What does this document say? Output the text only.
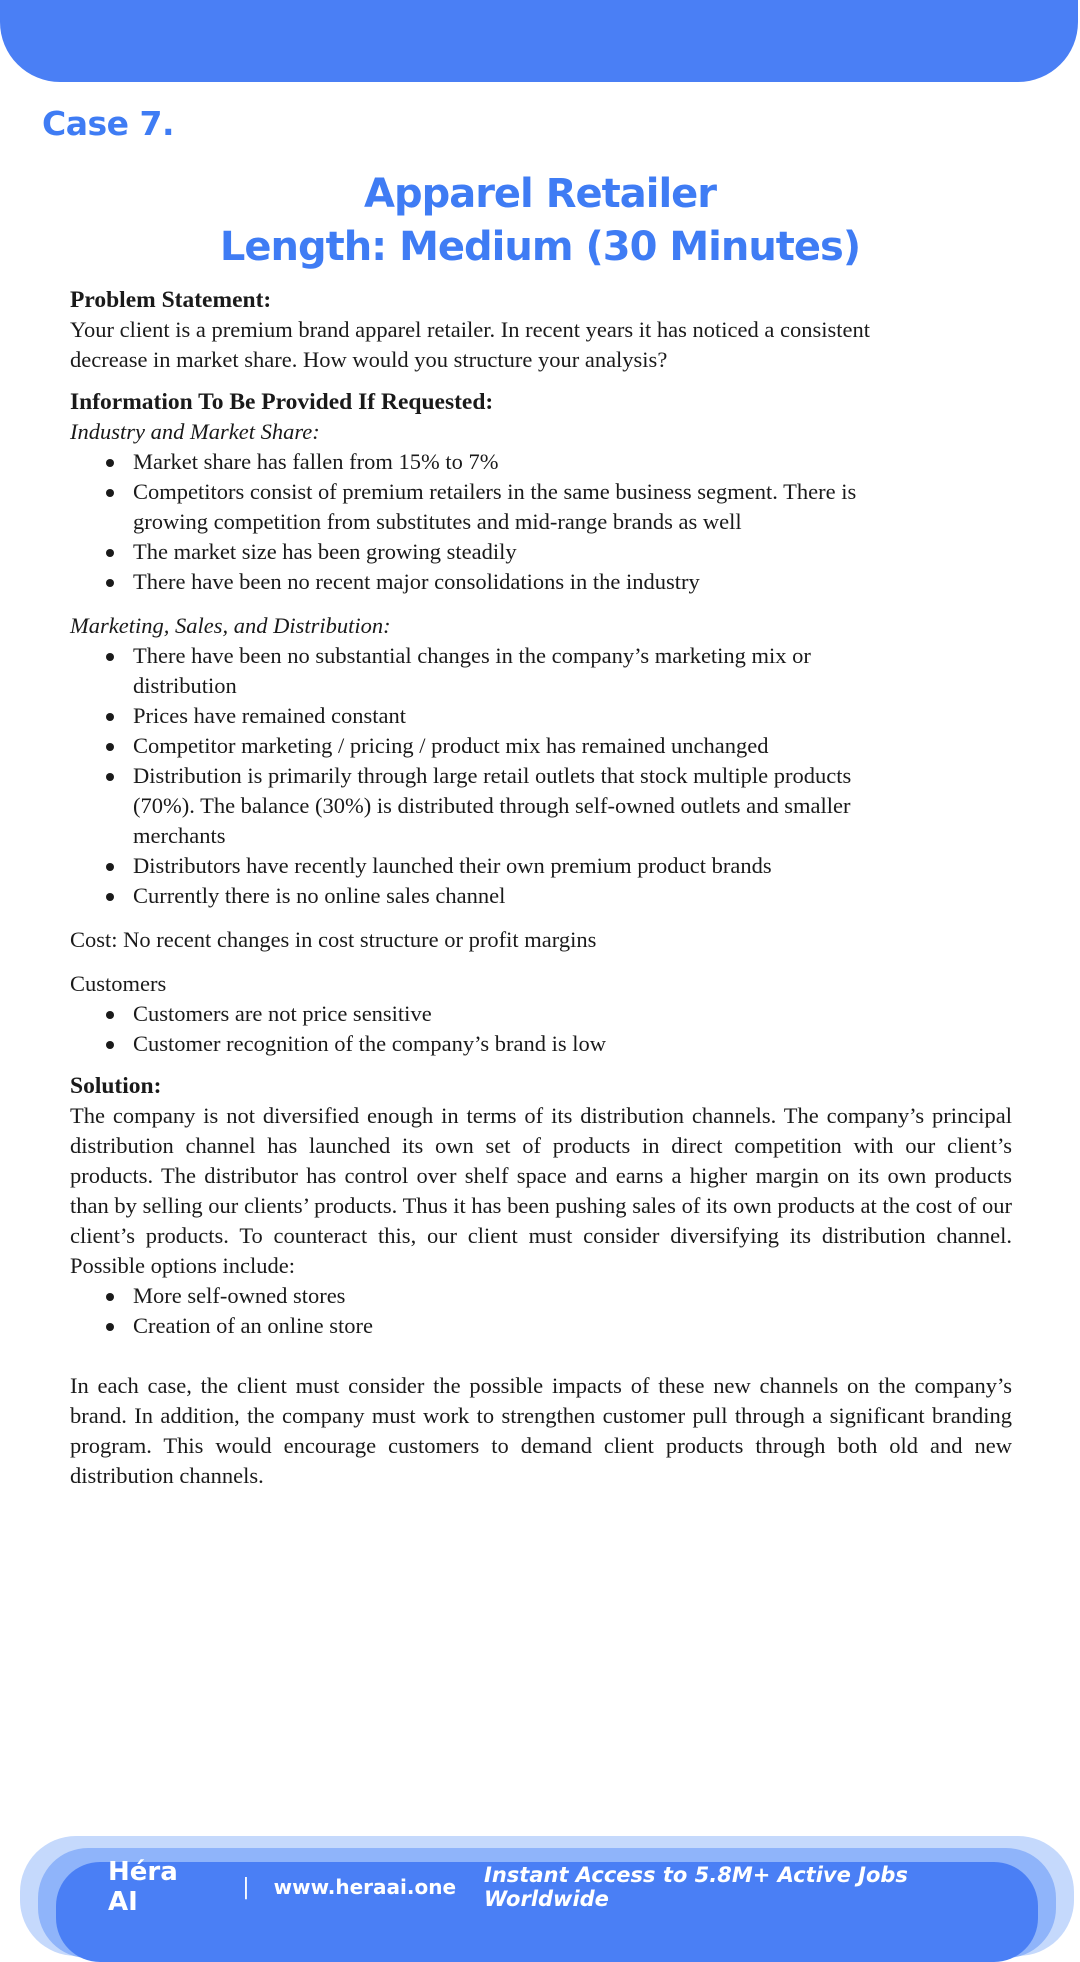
Case 7.
Apparel Retailer
Length: Medium (30 Minutes)
Problem Statement:
Your client is a premium brand apparel retailer. In recent years it has noticed a consistent
decrease in market share. How would you structure your analysis?
Information To Be Provided If Requested:
Industry and Market Share:
Market share has fallen from 15% to 7%
Competitors consist of premium retailers in the same business segment. There is
growing competition from substitutes and mid-range brands as well
The market size has been growing steadily
There have been no recent major consolidations in the industry
Marketing, Sales, and Distribution:
There have been no substantial changes in the company’s marketing mix or
distribution
Prices have remained constant
Competitor marketing / pricing / product mix has remained unchanged
Distribution is primarily through large retail outlets that stock multiple products
(70%). The balance (30%) is distributed through self-owned outlets and smaller
merchants
Distributors have recently launched their own premium product brands
Currently there is no online sales channel
Cost: No recent changes in cost structure or profit margins
Customers
Customers are not price sensitive
Customer recognition of the company’s brand is low
Solution:
The company is not diversified enough in terms of its distribution channels. The company’s principal distribution channel has launched its own set of products in direct competition with our client’s products. The distributor has control over shelf space and earns a higher margin on its own products than by selling our clients’ products. Thus it has been pushing sales of its own products at the cost of our client’s products. To counteract this, our client must consider diversifying its distribution channel. Possible options include:
More self-owned stores
Creation of an online store
In each case, the client must consider the possible impacts of these new channels on the company’s brand. In addition, the company must work to strengthen customer pull through a significant branding program. This would encourage customers to demand client products through both old and new distribution channels.
Héra AI	| www.heraai.one Instant Access to 5.8M+ Active Jobs Worldwide
